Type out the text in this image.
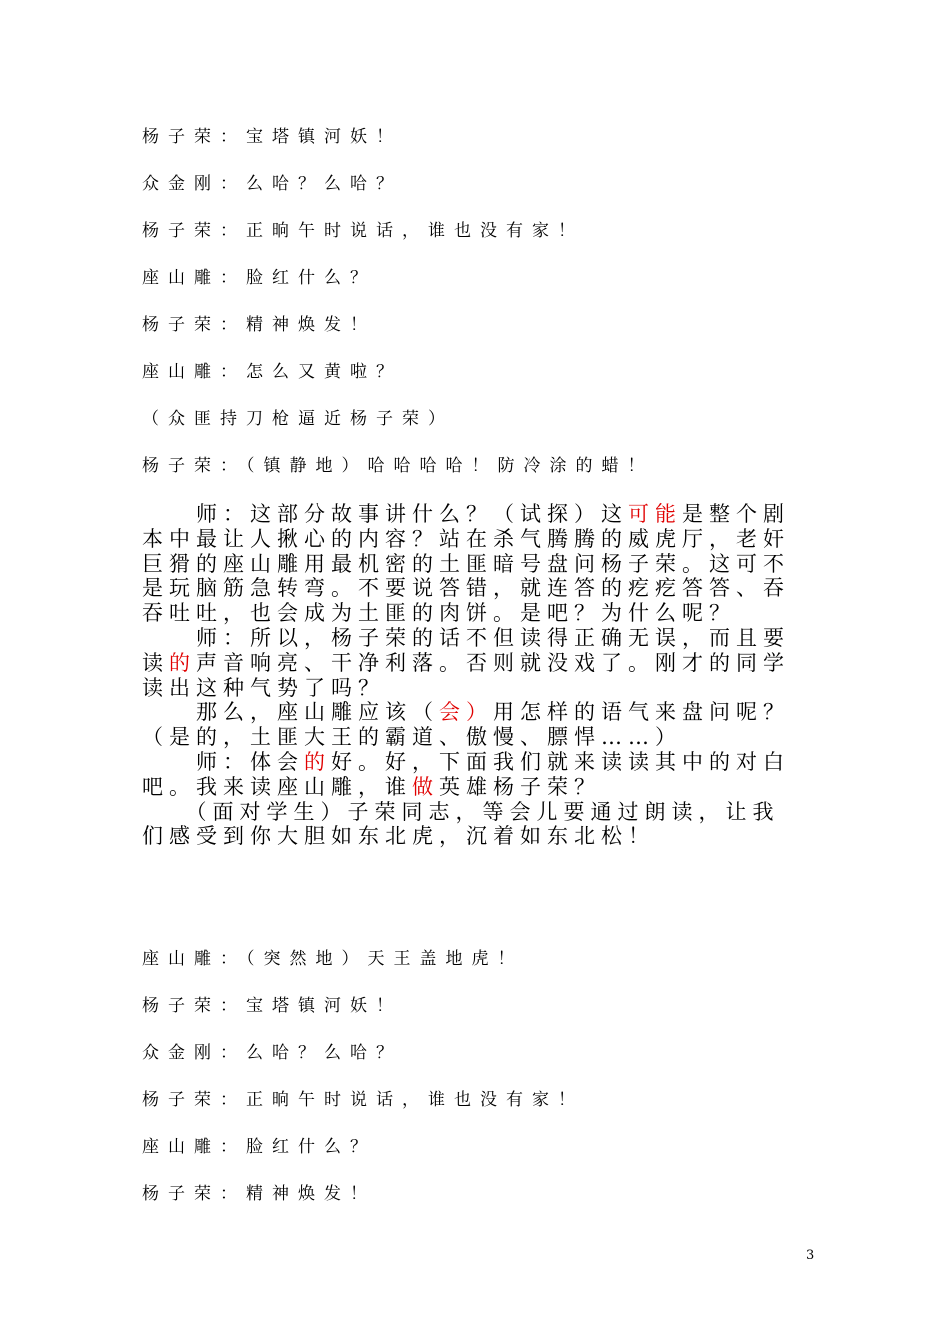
杨子荣：宝塔镇河妖！
众金刚：么哈？么哈？
杨子荣：正晌午时说话，谁也没有家！
座山雕：脸红什么？
杨子荣：精神焕发！
座山雕：怎么又黄啦？
（众匪持刀枪逼近杨子荣）
杨子荣：（镇静地）哈哈哈哈！防冷涂的蜡！
　　师：这部分故事讲什么？（试探）这可能是整个剧本中最让人揪心的内容？站在杀气腾腾的威虎厅，老奸巨猾的座山雕用最机密的土匪暗号盘问杨子荣。这可不是玩脑筋急转弯。不要说答错，就连答的疙疙答答、吞吞吐吐，也会成为土匪的肉饼。是吧？为什么呢？
　　师：所以，杨子荣的话不但读得正确无误，而且要读的声音响亮、干净利落。否则就没戏了。刚才的同学读出这种气势了吗？
　　那么，座山雕应该（会）用怎样的语气来盘问呢？（是的，土匪大王的霸道、傲慢、膘悍……）
　　师：体会的好。好，下面我们就来读读其中的对白吧。我来读座山雕，谁做英雄杨子荣？
　　（面对学生）子荣同志，等会儿要通过朗读，让我们感受到你大胆如东北虎，沉着如东北松！
座山雕：（突然地）天王盖地虎！
杨子荣：宝塔镇河妖！
众金刚：么哈？么哈？
杨子荣：正晌午时说话，谁也没有家！
座山雕：脸红什么？
杨子荣：精神焕发！
3
